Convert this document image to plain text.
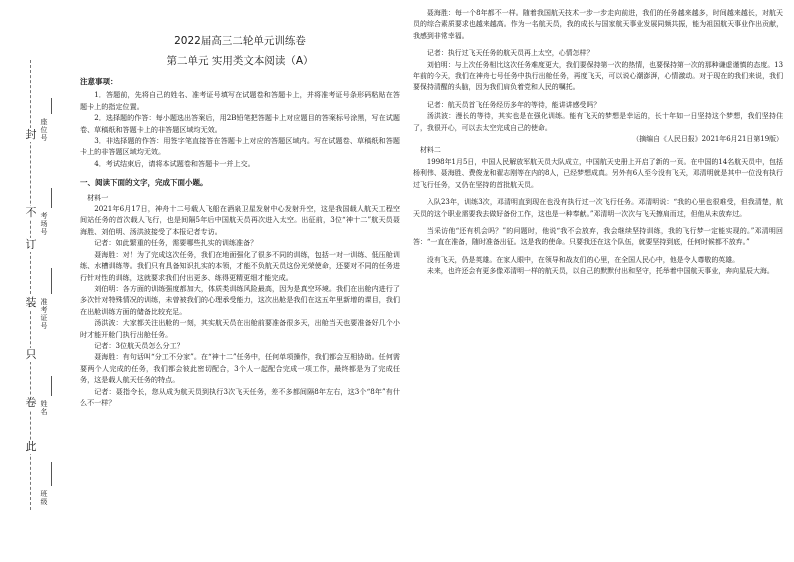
封
不
订
装
只
卷
此
座位号
考场号
准考证号
姓名
班级
2022届高三二轮单元训练卷
第二单元 实用类文本阅读（A）
注意事项：

1．答题前，先将自己的姓名、准考证号填写在试题卷和答题卡上，并将准考证号条形码粘贴在答题卡上的指定位置。

2．选择题的作答：每小题选出答案后，用2B铅笔把答题卡上对应题目的答案标号涂黑，写在试题卷、草稿纸和答题卡上的非答题区域均无效。

3．非选择题的作答：用签字笔直接答在答题卡上对应的答题区域内。写在试题卷、草稿纸和答题卡上的非答题区域均无效。

4．考试结束后，请将本试题卷和答题卡一并上交。

一、阅读下面的文字，完成下面小题。

材料一

2021年6月17日，神舟十二号载人飞船在酒泉卫星发射中心发射升空，这是我国载人航天工程空间站任务的首次载人飞行，也是间隔5年后中国航天员再次进入太空。出征前，3位“神十二”航天员聂海胜、刘伯明、汤洪波接受了本报记者专访。

记者：如此繁重的任务，需要哪些扎实的训练准备？

聂海胜：对！为了完成这次任务，我们在地面强化了很多不同的训练，包括一对一训练、低压舱训练、水槽训练等。我们只有具备知识扎实的本领，才能不负航天员这份光荣使命，还要对不同的任务进行针对性的训练，这就要求我们付出更多、练得更精更细才能完成。

刘伯明：各方面的训练强度都加大，体质类训练风险最高，因为是真空环境。我们在出舱内进行了多次针对特殊情况的训练，未曾被我们的心理承受能力，这次出舱是我们在这五年里新增的课目，我们在出舱训练方面的储备比较充足。

汤洪波：大家都关注出舱的一刻，其实航天员在出舱前要准备很多天，出舱当天也要准备好几个小时才能开舱门执行出舱任务。

记者：3位航天员怎么分工？

聂海胜：有句话叫“分工不分家”。在“神十二”任务中，任何单项操作，我们都会互相协助。任何需要两个人完成的任务，我们都会彼此密切配合，3个人一起配合完成一项工作，最终都是为了完成任务，这是载人航天任务的特点。

记者：聂指令长，您从成为航天员到执行3次飞天任务，差不多都间隔8年左右，这3个“8年”有什么不一样？

聂海胜：每一个8年都不一样。随着我国航天技术一步一步走向前进，我们的任务越来越多，时间越来越长，对航天员的综合素质要求也越来越高。作为一名航天员，我的成长与国家航天事业发展同频共振，能为祖国航天事业作出贡献，我感到非常幸福。

记者：执行过飞天任务的航天员再上太空，心情怎样？

刘伯明：与上次任务相比这次任务难度更大，我们要保持第一次的热情，也要保持第一次的那种谦虚谨慎的态度。13年前的今天，我们在神舟七号任务中执行出舱任务，再度飞天，可以说心潮澎湃，心情激动。对于现在的我们来说，我们要保持清醒的头脑，因为我们肩负着党和人民的嘱托。

记者：航天员首飞任务经历多年的等待，能讲讲感受吗？

汤洪波：漫长的等待，其实也是在强化训练。能有飞天的梦想是幸运的，长十年如一日坚持这个梦想，我们坚持住了，我很开心，可以去太空完成自己的使命。

（摘编自《人民日报》2021年6月21日第19版）

材料二

1998年1月5日，中国人民解放军航天员大队成立，中国航天史册上开启了新的一页。在中国的14名航天员中，包括杨利伟、聂海胜、费俊龙和翟志刚等在内的8人，已经梦想成真。另外有6人至今没有飞天，邓清明就是其中一位没有执行过飞行任务，又仍在坚持的首批航天员。

入队23年，训练3次，邓清明直到现在也没有执行过一次飞行任务。邓清明说：“我的心里也很难受，但我清楚，航天员的这个职业需要我去做好备份工作，这也是一种奉献。”邓清明一次次与飞天擦肩而过，但他从未放弃过。

当采访他“还有机会吗？”的问题时，他说“我不会放弃，我会继续坚持训练，我的飞行梦一定能实现的。”邓清明回答：“一直在准备，随时准备出征。这是我的使命。只要我还在这个队伍，就要坚持到底，任何时候都不放弃。”

没有飞天，仍是英雄。在家人眼中，在领导和战友们的心里，在全国人民心中，他是令人尊敬的英雄。

未来，也许还会有更多像邓清明一样的航天员，以自己的默默付出和坚守，托举着中国航天事业，奔向星辰大海。
